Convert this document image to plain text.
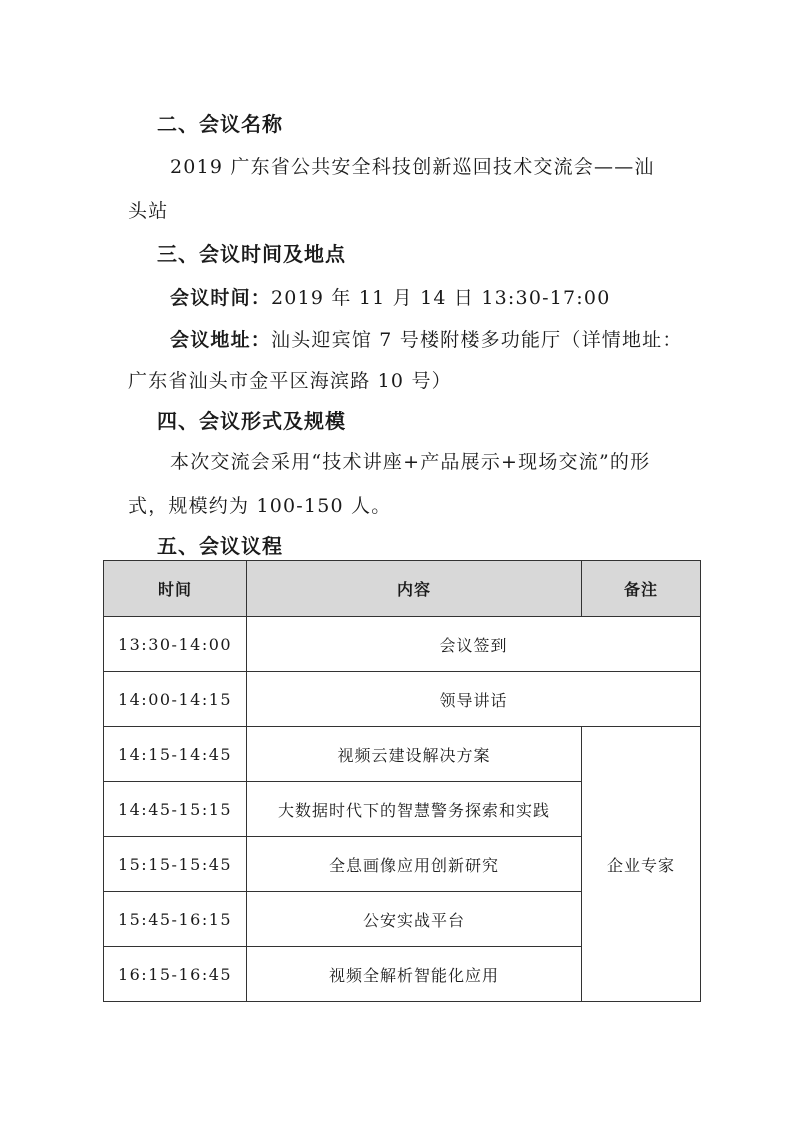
二、会议名称
2019 广东省公共安全科技创新巡回技术交流会——汕
头站
三、会议时间及地点
会议时间：2019 年 11 月 14 日 13:30-17:00
会议地址：汕头迎宾馆 7 号楼附楼多功能厅（详情地址：
广东省汕头市金平区海滨路 10 号）
四、会议形式及规模
本次交流会采用“技术讲座+产品展示+现场交流”的形
式，规模约为 100-150 人。
五、会议议程
时间	内容	备注
13:30-14:00	会议签到	
14:00-14:15	领导讲话	
14:15-14:45	视频云建设解决方案	企业专家
14:45-15:15	大数据时代下的智慧警务探索和实践	
15:15-15:45	全息画像应用创新研究	
15:45-16:15	公安实战平台	
16:15-16:45	视频全解析智能化应用	
